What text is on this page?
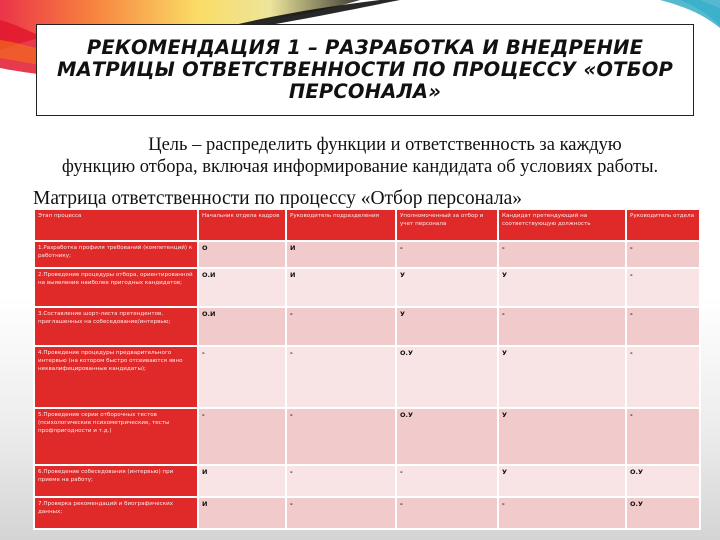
РЕКОМЕНДАЦИЯ 1 – РАЗРАБОТКА И ВНЕДРЕНИЕ МАТРИЦЫ ОТВЕТСТВЕННОСТИ ПО ПРОЦЕССУ «ОТБОР ПЕРСОНАЛА»
Цель – распределить функции и ответственность за каждую
функцию отбора, включая информирование кандидата об условиях работы.
Матрица ответственности по процессу «Отбор персонала»
Этап процесса	Начальник отдела кадров	Руководитель подразделения	Уполномоченный за отбор и учет персонала	Кандидат претендующий на соответствующую должность	Руководитель отдела
1.Разработка профиля требований (компетенций) к работнику;	О	И	-	-	-
2.Проведение процедуры отбора, ориентированной на выявление наиболее пригодных кандидатов;	О.И	И	У	У	-
3.Составление шорт-листа претендентов, приглашенных на собеседование/интервью;	О.И	-	У	-	-
4.Проведение процедуры предварительного интервью (на котором быстро отсеиваются явно неквалифицированные кандидаты);	-	-	О.У	У	-
5.Проведение серии отборочных тестов (психологические психометрические, тесты профпригодности и т.д.)	-	-	О.У	У	-
6.Проведение собеседования (интервью) при приеме на работу;	И	-	-	У	О.У
7.Проверка рекомендаций и биографических данных;	И	-	-	-	О.У
